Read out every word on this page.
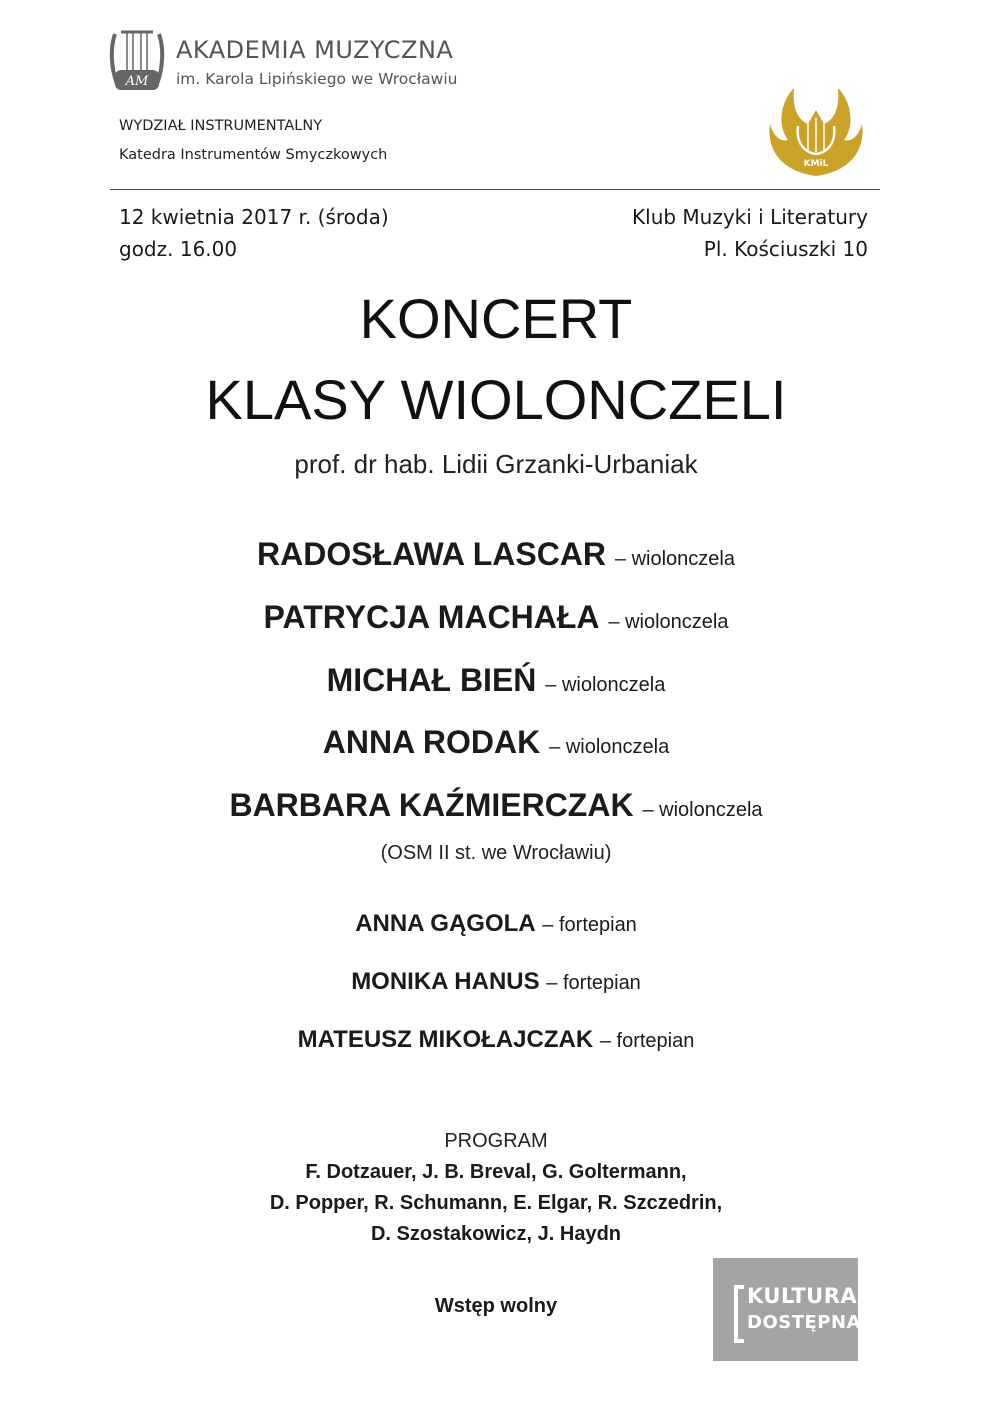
AM
AKADEMIA MUZYCZNA
im. Karola Lipińskiego we Wrocławiu
WYDZIAŁ INSTRUMENTALNY
Katedra Instrumentów Smyczkowych
W
KMiL
12 kwietnia 2017 r. (środa)
godz. 16.00
Klub Muzyki i Literatury
Pl. Kościuszki 10
KONCERT
KLASY WIOLONCZELI
prof. dr hab. Lidii Grzanki-Urbaniak
RADOSŁAWA LASCAR – wiolonczela
PATRYCJA MACHAŁA – wiolonczela
MICHAŁ BIEŃ – wiolonczela
ANNA RODAK – wiolonczela
BARBARA KAŹMIERCZAK – wiolonczela
(OSM II st. we Wrocławiu)
ANNA GĄGOLA – fortepian
MONIKA HANUS – fortepian
MATEUSZ MIKOŁAJCZAK – fortepian
PROGRAM
F. Dotzauer, J. B. Breval, G. Goltermann,
D. Popper, R. Schumann, E. Elgar, R. Szczedrin,
D. Szostakowicz, J. Haydn
Wstęp wolny	KULTURA
DOSTĘPNA
